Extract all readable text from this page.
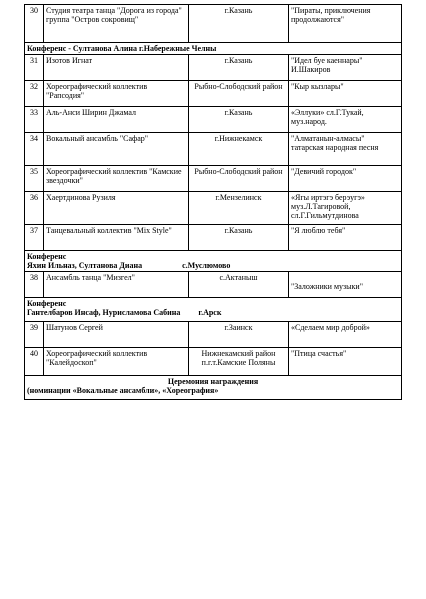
30	Студия театра танца "Дорога из города" группа "Остров сокровищ"	г.Казань	"Пираты, приключения продолжаются"
Конференс - Султанова Алина г.Набережные Челны			
31	Изотов Игнат	г.Казань	"Идел буе каеннары" И.Шакиров
32	Хореографический коллектив "Рапсодия"	Рыбно-Слободский район	"Кыр кызлары"
33	Аль-Анси Ширин Джамал	г.Казань	«Эллуки» сл.Г.Тукай, муз.народ.
34	Вокальный ансамбль "Сафар"	г.Нижнекамск	"Алматанын-алмасы" татарская народная песня
35	Хореографический коллектив "Камские звездочки"	Рыбно-Слободский район	"Девичий городок"
36	Хаертдинова Рузиля	г.Мензелинск	«Ягы иртэгэ берэугэ» муз.Л.Тагировой, сл.Г.Гильмутдинова
37	Танцевальный коллектив "Mix Style"	г.Казань	"Я люблю тебя"
Конференс
Яхин Ильназ, Султанова Диана с.Муслюмово			
38	Ансамбль танца "Мизгел"	с.Актаныш	"Заложники музыки"
Конференс
Гантелбаров Инсаф, Нурисламова Сабина г.Арск			
39	Шатунов Сергей	г.Заинск	«Сделаем мир доброй»
40	Хореографический коллектив "Калейдоскоп"	Нижнекамский район п.г.т.Камские Поляны	"Птица счастья"

Церемония награждения
(номинации «Вокальные ансамбли», «Хореография»			
